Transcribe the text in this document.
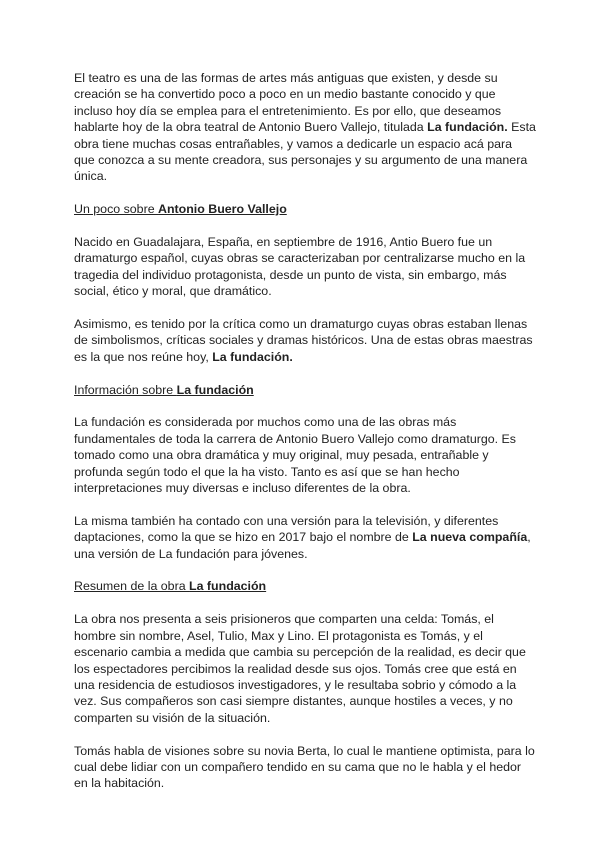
El teatro es una de las formas de artes más antiguas que existen, y desde su creación se ha convertido poco a poco en un medio bastante conocido y que incluso hoy día se emplea para el entretenimiento. Es por ello, que deseamos hablarte hoy de la obra teatral de Antonio Buero Vallejo, titulada La fundación. Esta obra tiene muchas cosas entrañables, y vamos a dedicarle un espacio acá para que conozca a su mente creadora, sus personajes y su argumento de una manera única.

Un poco sobre Antonio Buero Vallejo

Nacido en Guadalajara, España, en septiembre de 1916, Antio Buero fue un dramaturgo español, cuyas obras se caracterizaban por centralizarse mucho en la tragedia del individuo protagonista, desde un punto de vista, sin embargo, más social, ético y moral, que dramático.

Asimismo, es tenido por la crítica como un dramaturgo cuyas obras estaban llenas de simbolismos, críticas sociales y dramas históricos. Una de estas obras maestras es la que nos reúne hoy, La fundación.

Información sobre La fundación

La fundación es considerada por muchos como una de las obras más fundamentales de toda la carrera de Antonio Buero Vallejo como dramaturgo. Es tomado como una obra dramática y muy original, muy pesada, entrañable y profunda según todo el que la ha visto. Tanto es así que se han hecho interpretaciones muy diversas e incluso diferentes de la obra.

La misma también ha contado con una versión para la televisión, y diferentes daptaciones, como la que se hizo en 2017 bajo el nombre de La nueva compañía, una versión de La fundación para jóvenes.

Resumen de la obra La fundación

La obra nos presenta a seis prisioneros que comparten una celda: Tomás, el hombre sin nombre, Asel, Tulio, Max y Lino. El protagonista es Tomás, y el escenario cambia a medida que cambia su percepción de la realidad, es decir que los espectadores percibimos la realidad desde sus ojos. Tomás cree que está en una residencia de estudiosos investigadores, y le resultaba sobrio y cómodo a la vez. Sus compañeros son casi siempre distantes, aunque hostiles a veces, y no comparten su visión de la situación.

Tomás habla de visiones sobre su novia Berta, lo cual le mantiene optimista, para lo cual debe lidiar con un compañero tendido en su cama que no le habla y el hedor en la habitación.
